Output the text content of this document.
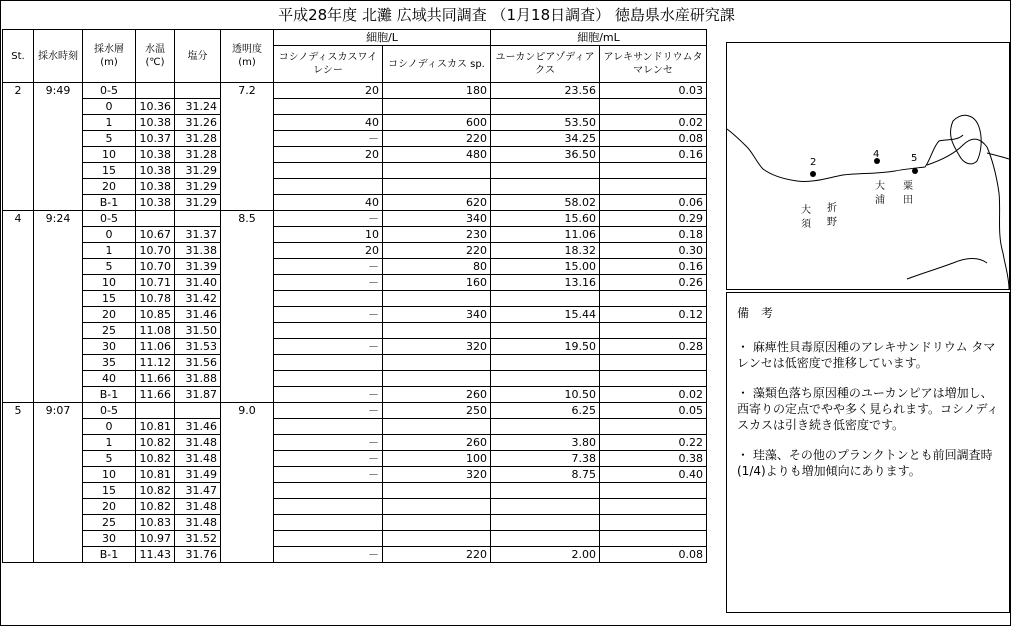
平成28年度 北灘 広域共同調査 （1月18日調査） 徳島県水産研究課
St.	採水時刻	採水層(m)	水温(℃)	塩分	透明度(m)	細胞/L		細胞/mL	
						コシノディスカスワイレシー	コシノディスカス sp.	ユーカンピアゾディアクス	アレキサンドリウムタマレンセ
2	9:49	0-5			7.2	20	180	23.56	0.03
		0	10.36	31.24					
		1	10.38	31.26		40	600	53.50	0.02
		5	10.37	31.28		－	220	34.25	0.08
		10	10.38	31.28		20	480	36.50	0.16
		15	10.38	31.29					
		20	10.38	31.29					
		B-1	10.38	31.29		40	620	58.02	0.06
4	9:24	0-5			8.5	－	340	15.60	0.29
		0	10.67	31.37		10	230	11.06	0.18
		1	10.70	31.38		20	220	18.32	0.30
		5	10.70	31.39		－	80	15.00	0.16
		10	10.71	31.40		－	160	13.16	0.26
		15	10.78	31.42					
		20	10.85	31.46		－	340	15.44	0.12
		25	11.08	31.50					
		30	11.06	31.53		－	320	19.50	0.28
		35	11.12	31.56					
		40	11.66	31.88					
		B-1	11.66	31.87		－	260	10.50	0.02
5	9:07	0-5			9.0	－	250	6.25	0.05
		0	10.81	31.46					
		1	10.82	31.48		－	260	3.80	0.22
		5	10.82	31.48		－	100	7.38	0.38
		10	10.81	31.49		－	320	8.75	0.40
		15	10.82	31.47					
		20	10.82	31.48					
		25	10.83	31.48					
		30	10.97	31.52					
		B-1	11.43	31.76		－	220	2.00	0.08
2
4	5
大
須
折
野
大
浦
粟
田
備　考
・ 麻痺性貝毒原因種のアレキサンドリウム タマレンセは低密度で推移しています。
・ 藻類色落ち原因種のユーカンピアは増加し、西寄りの定点でやや多く見られます。コシノディスカスは引き続き低密度です。
・ 珪藻、その他のプランクトンとも前回調査時(1/4)よりも増加傾向にあります。
